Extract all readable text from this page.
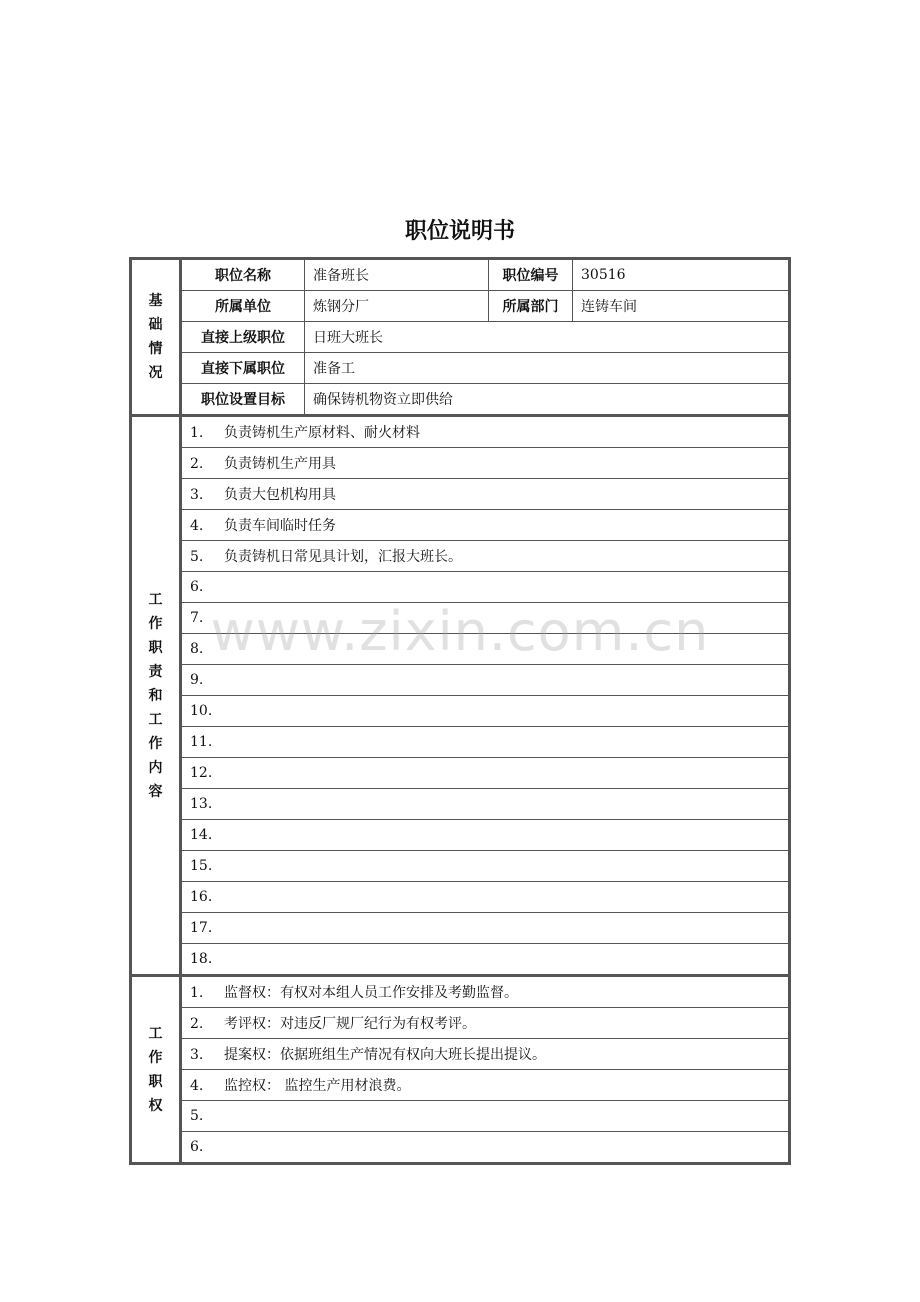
职位说明书
基础情况	职位名称	准备班长	职位编号	30516
	所属单位	炼钢分厂	所属部门	连铸车间
	直接上级职位	日班大班长		
	直接下属职位	准备工		
	职位设置目标	确保铸机物资立即供给		
工作职责和工作内容	1. 负责铸机生产原材料、耐火材料			
	2. 负责铸机生产用具			
	3. 负责大包机构用具			
	4. 负责车间临时任务			
	5. 负责铸机日常见具计划，汇报大班长。			
	6.			
	7.			
	8.			
	9.			
	10.			
	11.			
	12.			
	13.			
	14.			
	15.			
	16.			
	17.			
	18.			
工作职权	1. 监督权：有权对本组人员工作安排及考勤监督。			
	2. 考评权：对违反厂规厂纪行为有权考评。			
	3. 提案权：依据班组生产情况有权向大班长提出提议。			
	4. 监控权： 监控生产用材浪费。			
	5.			
	6.			
www.zixin.com.cn
